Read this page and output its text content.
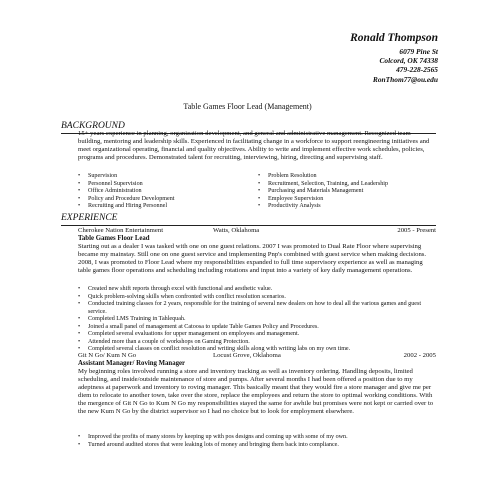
Ronald Thompson
6079 Pine St
Colcord, OK 74338
479-228-2565
RonThom77@ou.edu
Table Games Floor Lead (Management)
BACKGROUND
15+ years experience in planning, organization development, and general and administrative management. Recognized team building, mentoring and leadership skills. Experienced in facilitating change in a workforce to support reengineering initiatives and meet organizational operating, financial and quality objectives. Ability to write and implement effective work schedules, policies, programs and procedures. Demonstrated talent for recruiting, interviewing, hiring, directing and supervising staff.
• Supervision
• Personnel Supervision
• Office Administration
• Policy and Procedure Development
• Recruiting and Hiring Personnel
• Problem Resolution
• Recruitment, Selection, Training, and Leadership
• Purchasing and Materials Management
• Employee Supervision
• Productivity Analysis
EXPERIENCE
Cherokee Nation Entertainment	Watts, Oklahoma	2005 - Present
Table Games Floor Lead
Starting out as a dealer I was tasked with one on one guest relations. 2007 I was promoted to Dual Rate Floor where supervising became my mainstay. Still one on one guest service and implementing Pnp's combined with guest service when making decisions. 2008, I was promoted to Floor Lead where my responsibilities expanded to full time supervisory experience as well as managing table games floor operations and scheduling including rotations and input into a variety of key daily management operations.
• Created new shift reports through excel with functional and aesthetic value.
• Quick problem-solving skills when confronted with conflict resolution scenarios.
• Conducted training classes for 2 years, responsible for the training of several new dealers on how to deal all the various games and guest service.
• Completed LMS Training in Tahlequah.
• Joined a small panel of management at Catoosa to update Table Games Policy and Procedures.
• Completed several evaluations for upper management on employees and management.
• Attended more than a couple of workshops on Gaming Protection.
• Completed several classes on conflict resolution and writing skills along with writing labs on my own time.
Git N Go/ Kum N Go	Locust Grove, Oklahoma	2002 - 2005
Assistant Manager/ Roving Manager
My beginning roles involved running a store and inventory tracking as well as inventory ordering. Handling deposits, limited scheduling, and inside/outside maintenance of store and pumps. After several months I had been offered a position due to my adeptness at paperwork and inventory to roving manager. This basically meant that they would fire a store manager and give me per diem to relocate to another town, take over the store, replace the employees and return the store to optimal working conditions. With the mergence of Git N Go to Kum N Go my responsibilities stayed the same for awhile but promises were not kept or carried over to the new Kum N Go by the district supervisor so I had no choice but to look for employment elsewhere.
• Improved the profits of many stores by keeping up with pos designs and coming up with some of my own.
• Turned around audited stores that were leaking lots of money and bringing them back into compliance.
